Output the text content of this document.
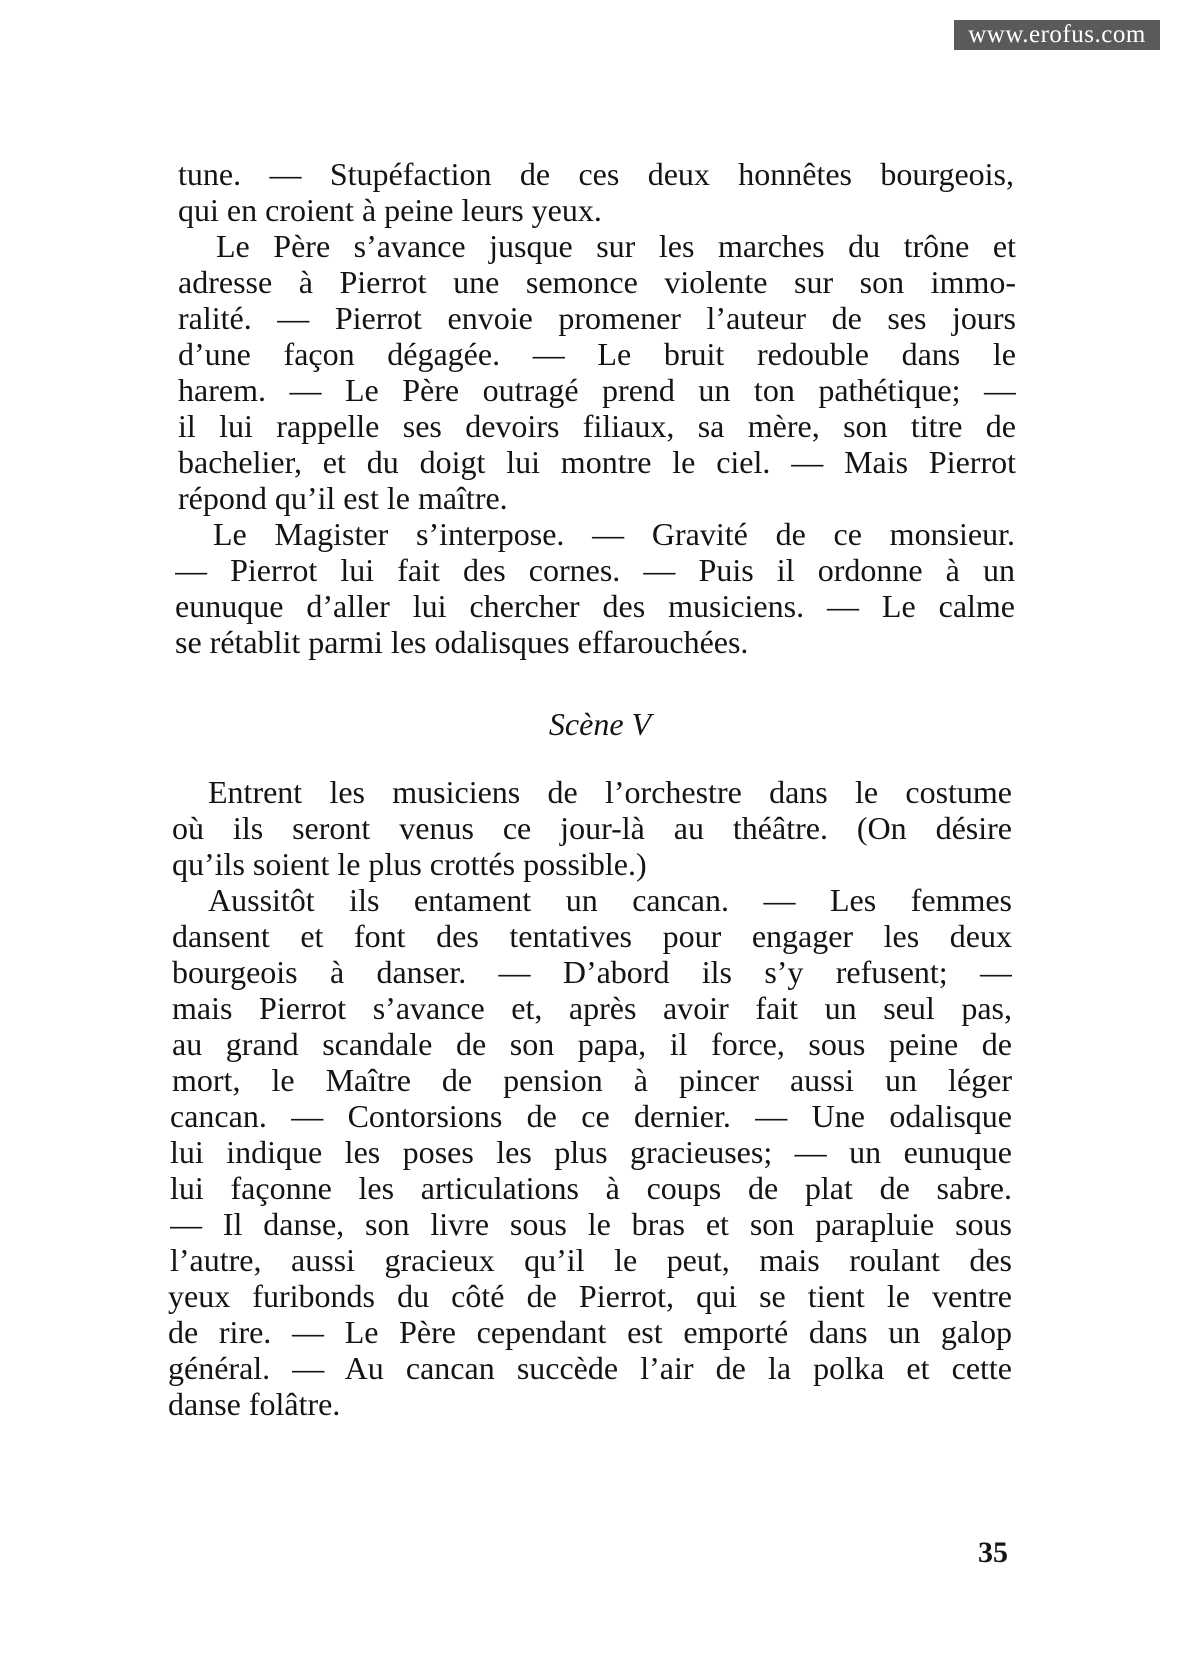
www.erofus.com
tune. — Stupéfaction de ces deux honnêtes bourgeois,
qui en croient à peine leurs yeux.
Le Père s’avance jusque sur les marches du trône et
adresse à Pierrot une semonce violente sur son immo-
ralité. — Pierrot envoie promener l’auteur de ses jours
d’une façon dégagée. — Le bruit redouble dans le
harem. — Le Père outragé prend un ton pathétique; —
il lui rappelle ses devoirs filiaux, sa mère, son titre de
bachelier, et du doigt lui montre le ciel. — Mais Pierrot
répond qu’il est le maître.
Le Magister s’interpose. — Gravité de ce monsieur.
— Pierrot lui fait des cornes. — Puis il ordonne à un
eunuque d’aller lui chercher des musiciens. — Le calme
se rétablit parmi les odalisques effarouchées.
Scène V
Entrent les musiciens de l’orchestre dans le costume
où ils seront venus ce jour-là au théâtre. (On désire
qu’ils soient le plus crottés possible.)
Aussitôt ils entament un cancan. — Les femmes
dansent et font des tentatives pour engager les deux
bourgeois à danser. — D’abord ils s’y refusent; —
mais Pierrot s’avance et, après avoir fait un seul pas,
au grand scandale de son papa, il force, sous peine de
mort, le Maître de pension à pincer aussi un léger
cancan. — Contorsions de ce dernier. — Une odalisque
lui indique les poses les plus gracieuses; — un eunuque
lui façonne les articulations à coups de plat de sabre.
— Il danse, son livre sous le bras et son parapluie sous
l’autre, aussi gracieux qu’il le peut, mais roulant des
yeux furibonds du côté de Pierrot, qui se tient le ventre
de rire. — Le Père cependant est emporté dans un galop
général. — Au cancan succède l’air de la polka et cette
danse folâtre.
35
